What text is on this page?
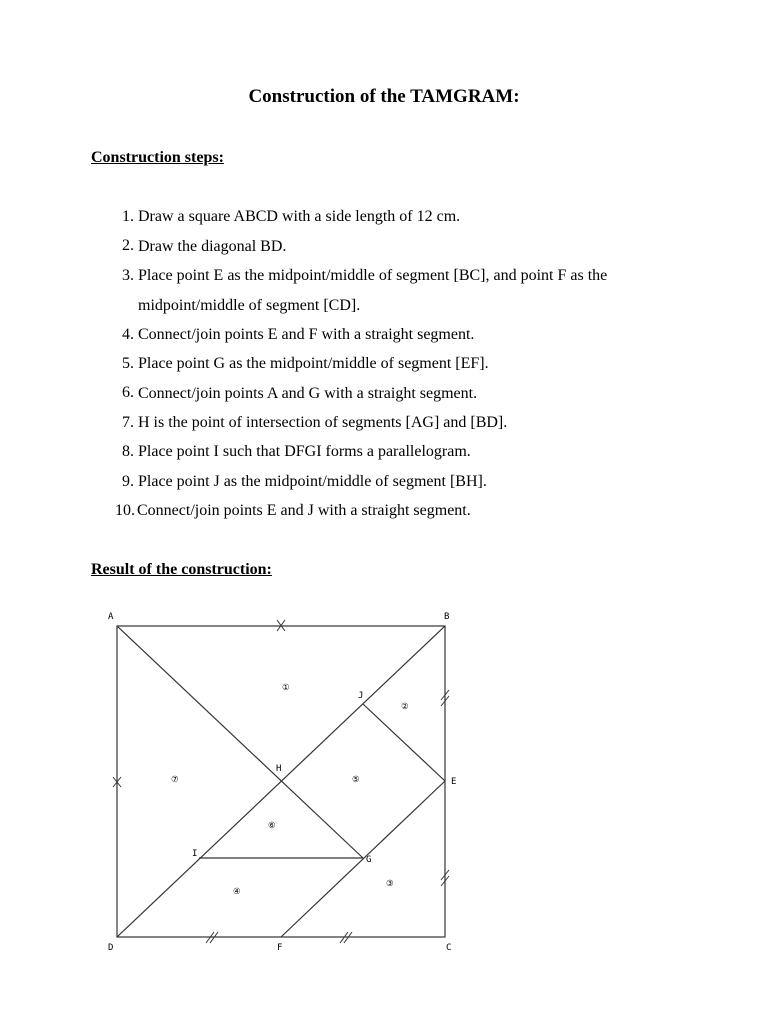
Construction of the TAMGRAM:
Construction steps:
1. Draw a square ABCD with a side length of 12 cm.
2. Draw the diagonal BD.
3. Place point E as the midpoint/middle of segment [BC], and point F as the midpoint/middle of segment [CD].
4. Connect/join points E and F with a straight segment.
5. Place point G as the midpoint/middle of segment [EF].
6. Connect/join points A and G with a straight segment.
7. H is the point of intersection of segments [AG] and [BD].
8. Place point I such that DFGI forms a parallelogram.
9. Place point J as the midpoint/middle of segment [BH].
10. Connect/join points E and J with a straight segment.
Result of the construction:
A	B
C
D
E
F
G
H
I
J
①
②
③
④
⑤
⑥
⑦
